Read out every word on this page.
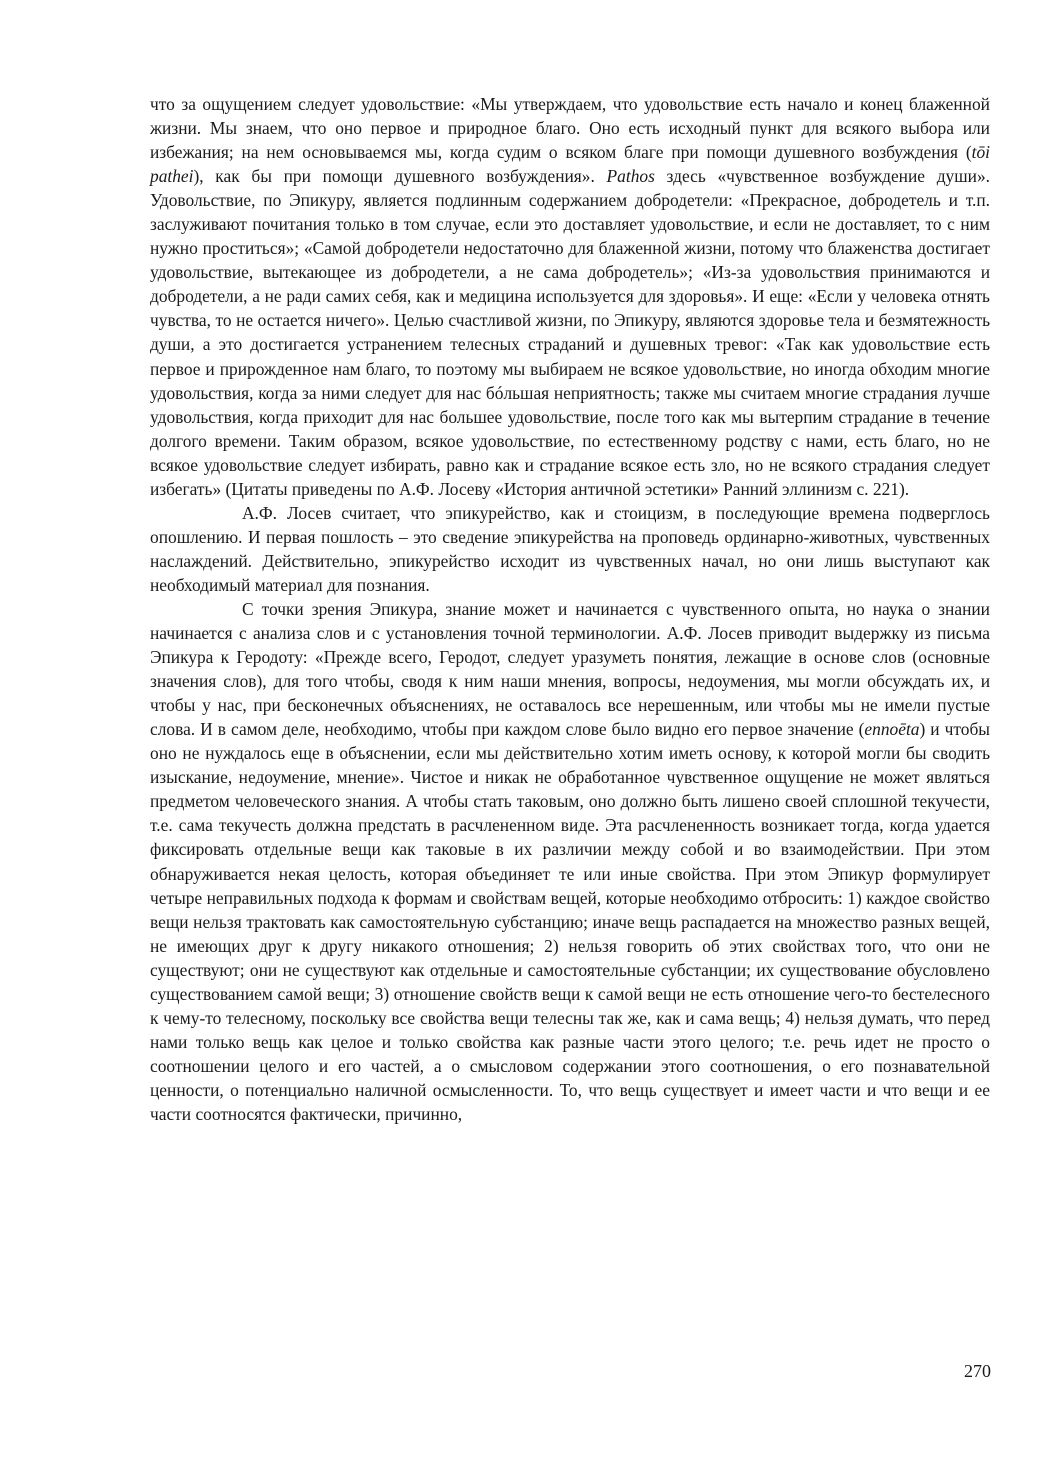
что за ощущением следует удовольствие: «Мы утверждаем, что удовольствие есть начало и конец блаженной жизни. Мы знаем, что оно первое и природное благо. Оно есть исходный пункт для всякого выбора или избежания; на нем основываемся мы, когда судим о всяком благе при помощи душевного возбуждения (tōi pathei), как бы при помощи душевного возбуждения». Pathos здесь «чувственное возбуждение души». Удовольствие, по Эпикуру, является подлинным содержанием добродетели: «Прекрасное, добродетель и т.п. заслуживают почитания только в том случае, если это доставляет удовольствие, и если не доставляет, то с ним нужно проститься»; «Самой добродетели недостаточно для блаженной жизни, потому что блаженства достигает удовольствие, вытекающее из добродетели, а не сама добродетель»; «Из-за удовольствия принимаются и добродетели, а не ради самих себя, как и медицина используется для здоровья». И еще: «Если у человека отнять чувства, то не остается ничего». Целью счастливой жизни, по Эпикуру, являются здоровье тела и безмятежность души, а это достигается устранением телесных страданий и душевных тревог: «Так как удовольствие есть первое и прирожденное нам благо, то поэтому мы выбираем не всякое удовольствие, но иногда обходим многие удовольствия, когда за ними следует для нас бóльшая неприятность; также мы считаем многие страдания лучше удовольствия, когда приходит для нас большее удовольствие, после того как мы вытерпим страдание в течение долгого времени. Таким образом, всякое удовольствие, по естественному родству с нами, есть благо, но не всякое удовольствие следует избирать, равно как и страдание всякое есть зло, но не всякого страдания следует избегать» (Цитаты приведены по А.Ф. Лосеву «История античной эстетики» Ранний эллинизм с. 221).

А.Ф. Лосев считает, что эпикурейство, как и стоицизм, в последующие времена подверглось опошлению. И первая пошлость – это сведение эпикурейства на проповедь ординарно-животных, чувственных наслаждений. Действительно, эпикурейство исходит из чувственных начал, но они лишь выступают как необходимый материал для познания.

С точки зрения Эпикура, знание может и начинается с чувственного опыта, но наука о знании начинается с анализа слов и с установления точной терминологии. А.Ф. Лосев приводит выдержку из письма Эпикура к Геродоту: «Прежде всего, Геродот, следует уразуметь понятия, лежащие в основе слов (основные значения слов), для того чтобы, сводя к ним наши мнения, вопросы, недоумения, мы могли обсуждать их, и чтобы у нас, при бесконечных объяснениях, не оставалось все нерешенным, или чтобы мы не имели пустые слова. И в самом деле, необходимо, чтобы при каждом слове было видно его первое значение (ennoēta) и чтобы оно не нуждалось еще в объяснении, если мы действительно хотим иметь основу, к которой могли бы сводить изыскание, недоумение, мнение». Чистое и никак не обработанное чувственное ощущение не может являться предметом человеческого знания. А чтобы стать таковым, оно должно быть лишено своей сплошной текучести, т.е. сама текучесть должна предстать в расчлененном виде. Эта расчлененность возникает тогда, когда удается фиксировать отдельные вещи как таковые в их различии между собой и во взаимодействии. При этом обнаруживается некая целость, которая объединяет те или иные свойства. При этом Эпикур формулирует четыре неправильных подхода к формам и свойствам вещей, которые необходимо отбросить: 1) каждое свойство вещи нельзя трактовать как самостоятельную субстанцию; иначе вещь распадается на множество разных вещей, не имеющих друг к другу никакого отношения; 2) нельзя говорить об этих свойствах того, что они не существуют; они не существуют как отдельные и самостоятельные субстанции; их существование обусловлено существованием самой вещи; 3) отношение свойств вещи к самой вещи не есть отношение чего-то бестелесного к чему-то телесному, поскольку все свойства вещи телесны так же, как и сама вещь; 4) нельзя думать, что перед нами только вещь как целое и только свойства как разные части этого целого; т.е. речь идет не просто о соотношении целого и его частей, а о смысловом содержании этого соотношения, о его познавательной ценности, о потенциально наличной осмысленности. То, что вещь существует и имеет части и что вещи и ее части соотносятся фактически, причинно,

270
